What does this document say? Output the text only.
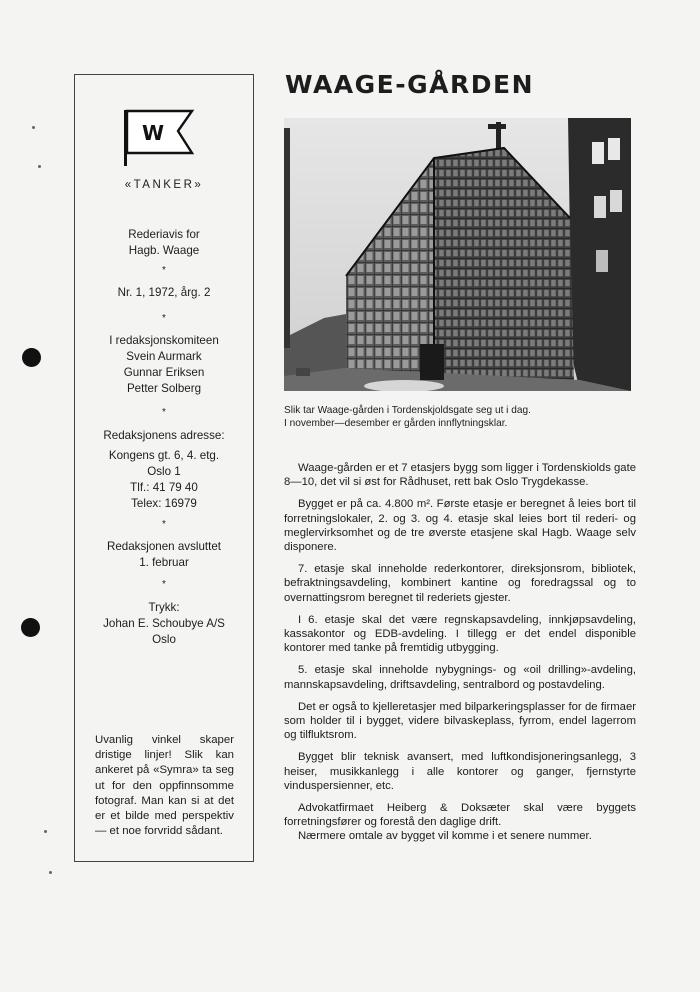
W
«TANKER»
Rederiavis for
Hagb. Waage
*
Nr. 1, 1972, årg. 2
*
I redaksjonskomiteen
Svein Aurmark
Gunnar Eriksen
Petter Solberg
*
Redaksjonens adresse:
Kongens gt. 6, 4. etg.
Oslo 1
Tlf.: 41 79 40
Telex: 16979
*
Redaksjonen avsluttet
1. februar
*
Trykk:
Johan E. Schoubye A/S
Oslo
Uvanlig vinkel skaper dristige linjer! Slik kan ankeret på «Symra» ta seg ut for den oppfinnsomme fotograf. Man kan si at det er et bilde med perspektiv — et noe forvridd sådant.
WAAGE-GÅRDEN
Slik tar Waage-gården i Tordenskjoldsgate seg ut i dag.
I november—desember er gården innflytningsklar.

Waage-gården er et 7 etasjers bygg som ligger i Tordenskiolds gate 8—10, det vil si øst for Rådhuset, rett bak Oslo Trygdekasse.

Bygget er på ca. 4.800 m². Første etasje er beregnet å leies bort til forretningslokaler, 2. og 3. og 4. etasje skal leies bort til rederi- og meglervirksomhet og de tre øverste etasjene skal Hagb. Waage selv disponere.

7. etasje skal inneholde rederkontorer, direksjonsrom, bibliotek, befraktningsavdeling, kombinert kantine og foredragssal og to overnattingsrom beregnet til rederiets gjester.

I 6. etasje skal det være regnskapsavdeling, innkjøpsavdeling, kassakontor og EDB-avdeling. I tillegg er det endel disponible kontorer med tanke på fremtidig utbygging.

5. etasje skal inneholde nybygnings- og «oil drilling»-avdeling, mannskapsavdeling, driftsavdeling, sentralbord og postavdeling.

Det er også to kjelleretasjer med bilparkeringsplasser for de firmaer som holder til i bygget, videre bilvaskeplass, fyrrom, endel lagerrom og tilfluktsrom.

Bygget blir teknisk avansert, med luftkondisjoneringsanlegg, 3 heiser, musikkanlegg i alle kontorer og ganger, fjernstyrte vinduspersienner, etc.

Advokatfirmaet Heiberg & Doksæter skal være byggets forretningsfører og forestå den daglige drift.

Nærmere omtale av bygget vil komme i et senere nummer.
